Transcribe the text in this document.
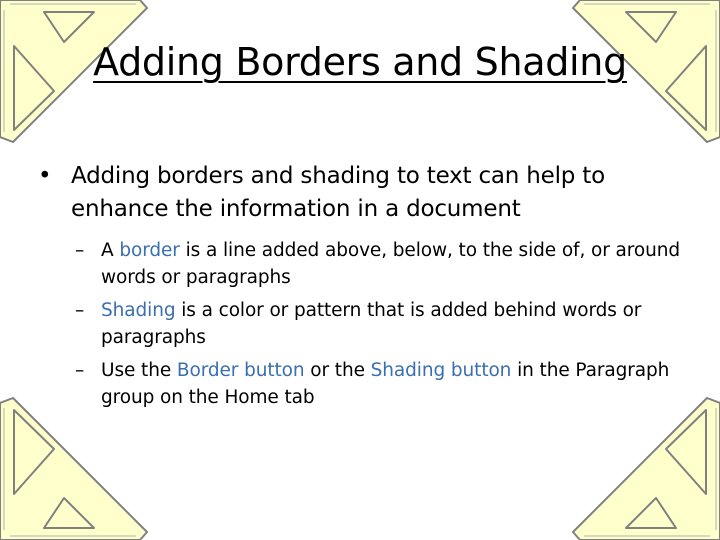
Adding Borders and Shading
• Adding borders and shading to text can help to enhance the information in a document
– A border is a line added above, below, to the side of, or around words or paragraphs
– Shading is a color or pattern that is added behind words or paragraphs
– Use the Border button or the Shading button in the Paragraph group on the Home tab
